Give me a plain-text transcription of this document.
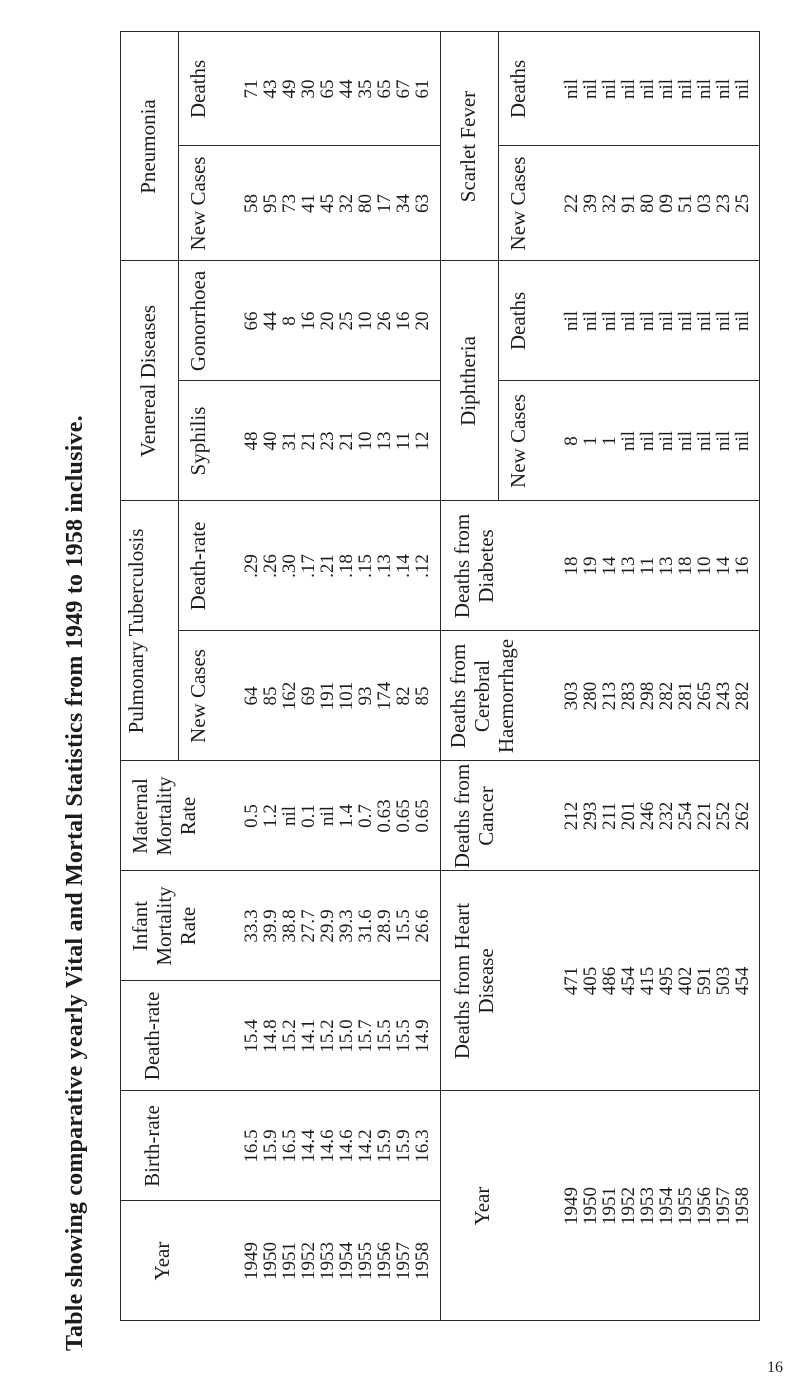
Table showing comparative yearly Vital and Mortal Statistics from 1949 to 1958 inclusive. Pulmonary Tuberculosis
Venereal Diseases
Pneumonia
Year
Birth-rate
Death-rate
Infant Mortality Rate
Maternal Mortality Rate
New Cases
Death-rate
Syphilis
Gonorrhoea
New Cases
Deaths
1949
1950
1951
1952
1953
1954
1955
1956
1957
1958
16.5
15.9
16.5
14.4
14.6
14.6
14.2
15.9
15.9
16.3
15.4
14.8
15.2
14.1
15.2
15.0
15.7
15.5
15.5
14.9
33.3
39.9
38.8
27.7
29.9
39.3
31.6
28.9
15.5
26.6
0.5
1.2
nil
0.1
nil
1.4
0.7
0.63
0.65
0.65
64
85
162
69
191
101
93
174
82
85
.29
.26
.30
.17
.21
.18
.15
.13
.14
.12
48
40
31
21
23
21
10
13
11
12
66
44
8
16
20
25
10
26
16
20
58
95
73
41
45
32
80
17
34
63
71
43
49
30
65
44
35
65
67
61
Year
Deaths from Heart Disease
Deaths from Cancer
Deaths from Cerebral Haemorrhage
Deaths from Diabetes
Diphtheria
Scarlet Fever
New Cases
Deaths
New Cases
Deaths
1949
1950
1951
1952
1953
1954
1955
1956
1957
1958
471
405
486
454
415
495
402
591
503
454
212
293
211
201
246
232
254
221
252
262
303
280
213
283
298
282
281
265
243
282
18
19
14
13
11
13
18
10
14
16
8
1
1
nil
nil
nil
nil
nil
nil
nil
nil
nil
nil
nil
nil
nil
nil
nil
nil
nil
22
39
32
91
80
09
51
03
23
25
nil
nil
nil
nil
nil
nil
nil
nil
nil
nil
16
